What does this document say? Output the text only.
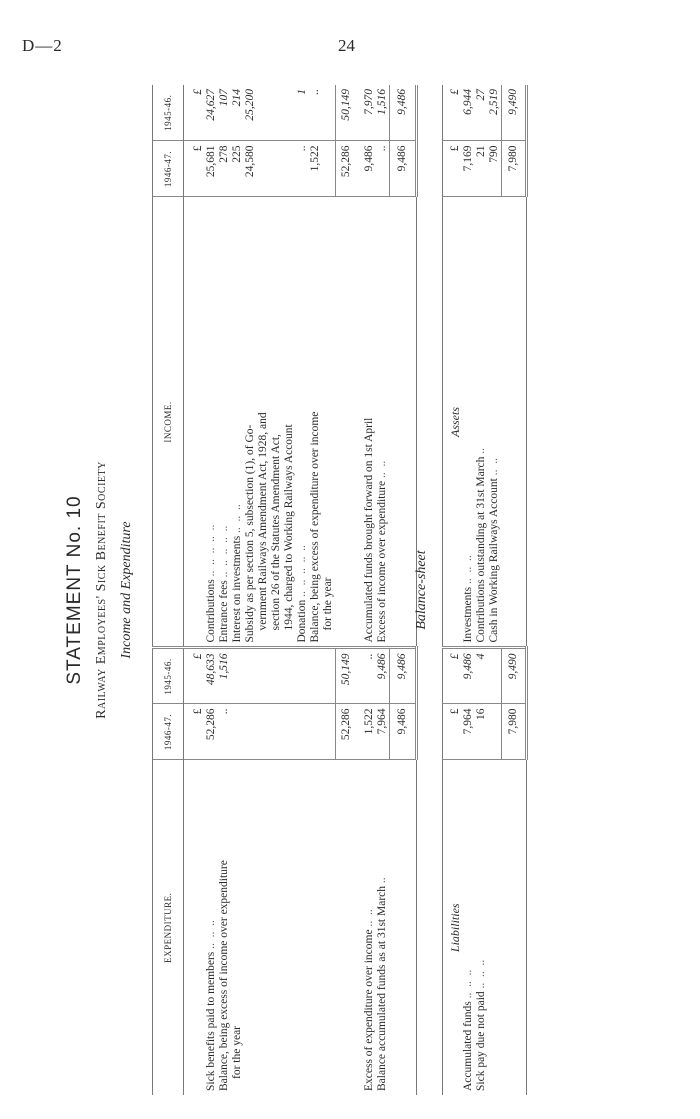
D—2	24
STATEMENT No. 10 Railway Employees' Sick Benefit Society Income and Expenditure
EXPENDITURE.	1946-47.	1945-46.	INCOME.	1946-47.	1945-46.
	£	£		£	£
Sick benefits paid to members ..  ..  ..	52,286	48,633	Contributions ..  ..  ..  ..  ..	25,681	24,627
Balance, being excess of income over expenditure	..	1,516	Entrance fees ..  ..  ..  ..  ..	278	107
for the year			Interest on investments ..  ..  ..	225	214
			Subsidy as per section 5, subsection (1), of Go-	24,580	25,200
			vernment Railways Amendment Act, 1928, and		
			section 26 of the Statutes Amendment Act,		
			1944, charged to Working Railways Account		
			Donation ..  ..  ..  ..  ..	..	1
			Balance, being excess of expenditure over income	1,522	..
			for the year		
	52,286	50,149		52,286	50,149
Excess of expenditure over income ..  ..	1,522	..	Accumulated funds brought forward on 1st April	9,486	7,970
Balance accumulated funds as at 31st March ..	7,964	9,486	Excess of income over expenditure ..  ..	..	1,516
	9,486	9,486		9,486	9,486
Balance-sheet
Liabilities	£	£	Assets	£	£
Accumulated funds ..  ..  ..	7,964	9,486	Investments ..  ..  ..	7,169	6,944
Sick pay due not paid ..  ..  ..	16	4	Contributions outstanding at 31st March ..	21	27
			Cash in Working Railways Account ..  ..	790	2,519
	7,980	9,490		7,980	9,490
